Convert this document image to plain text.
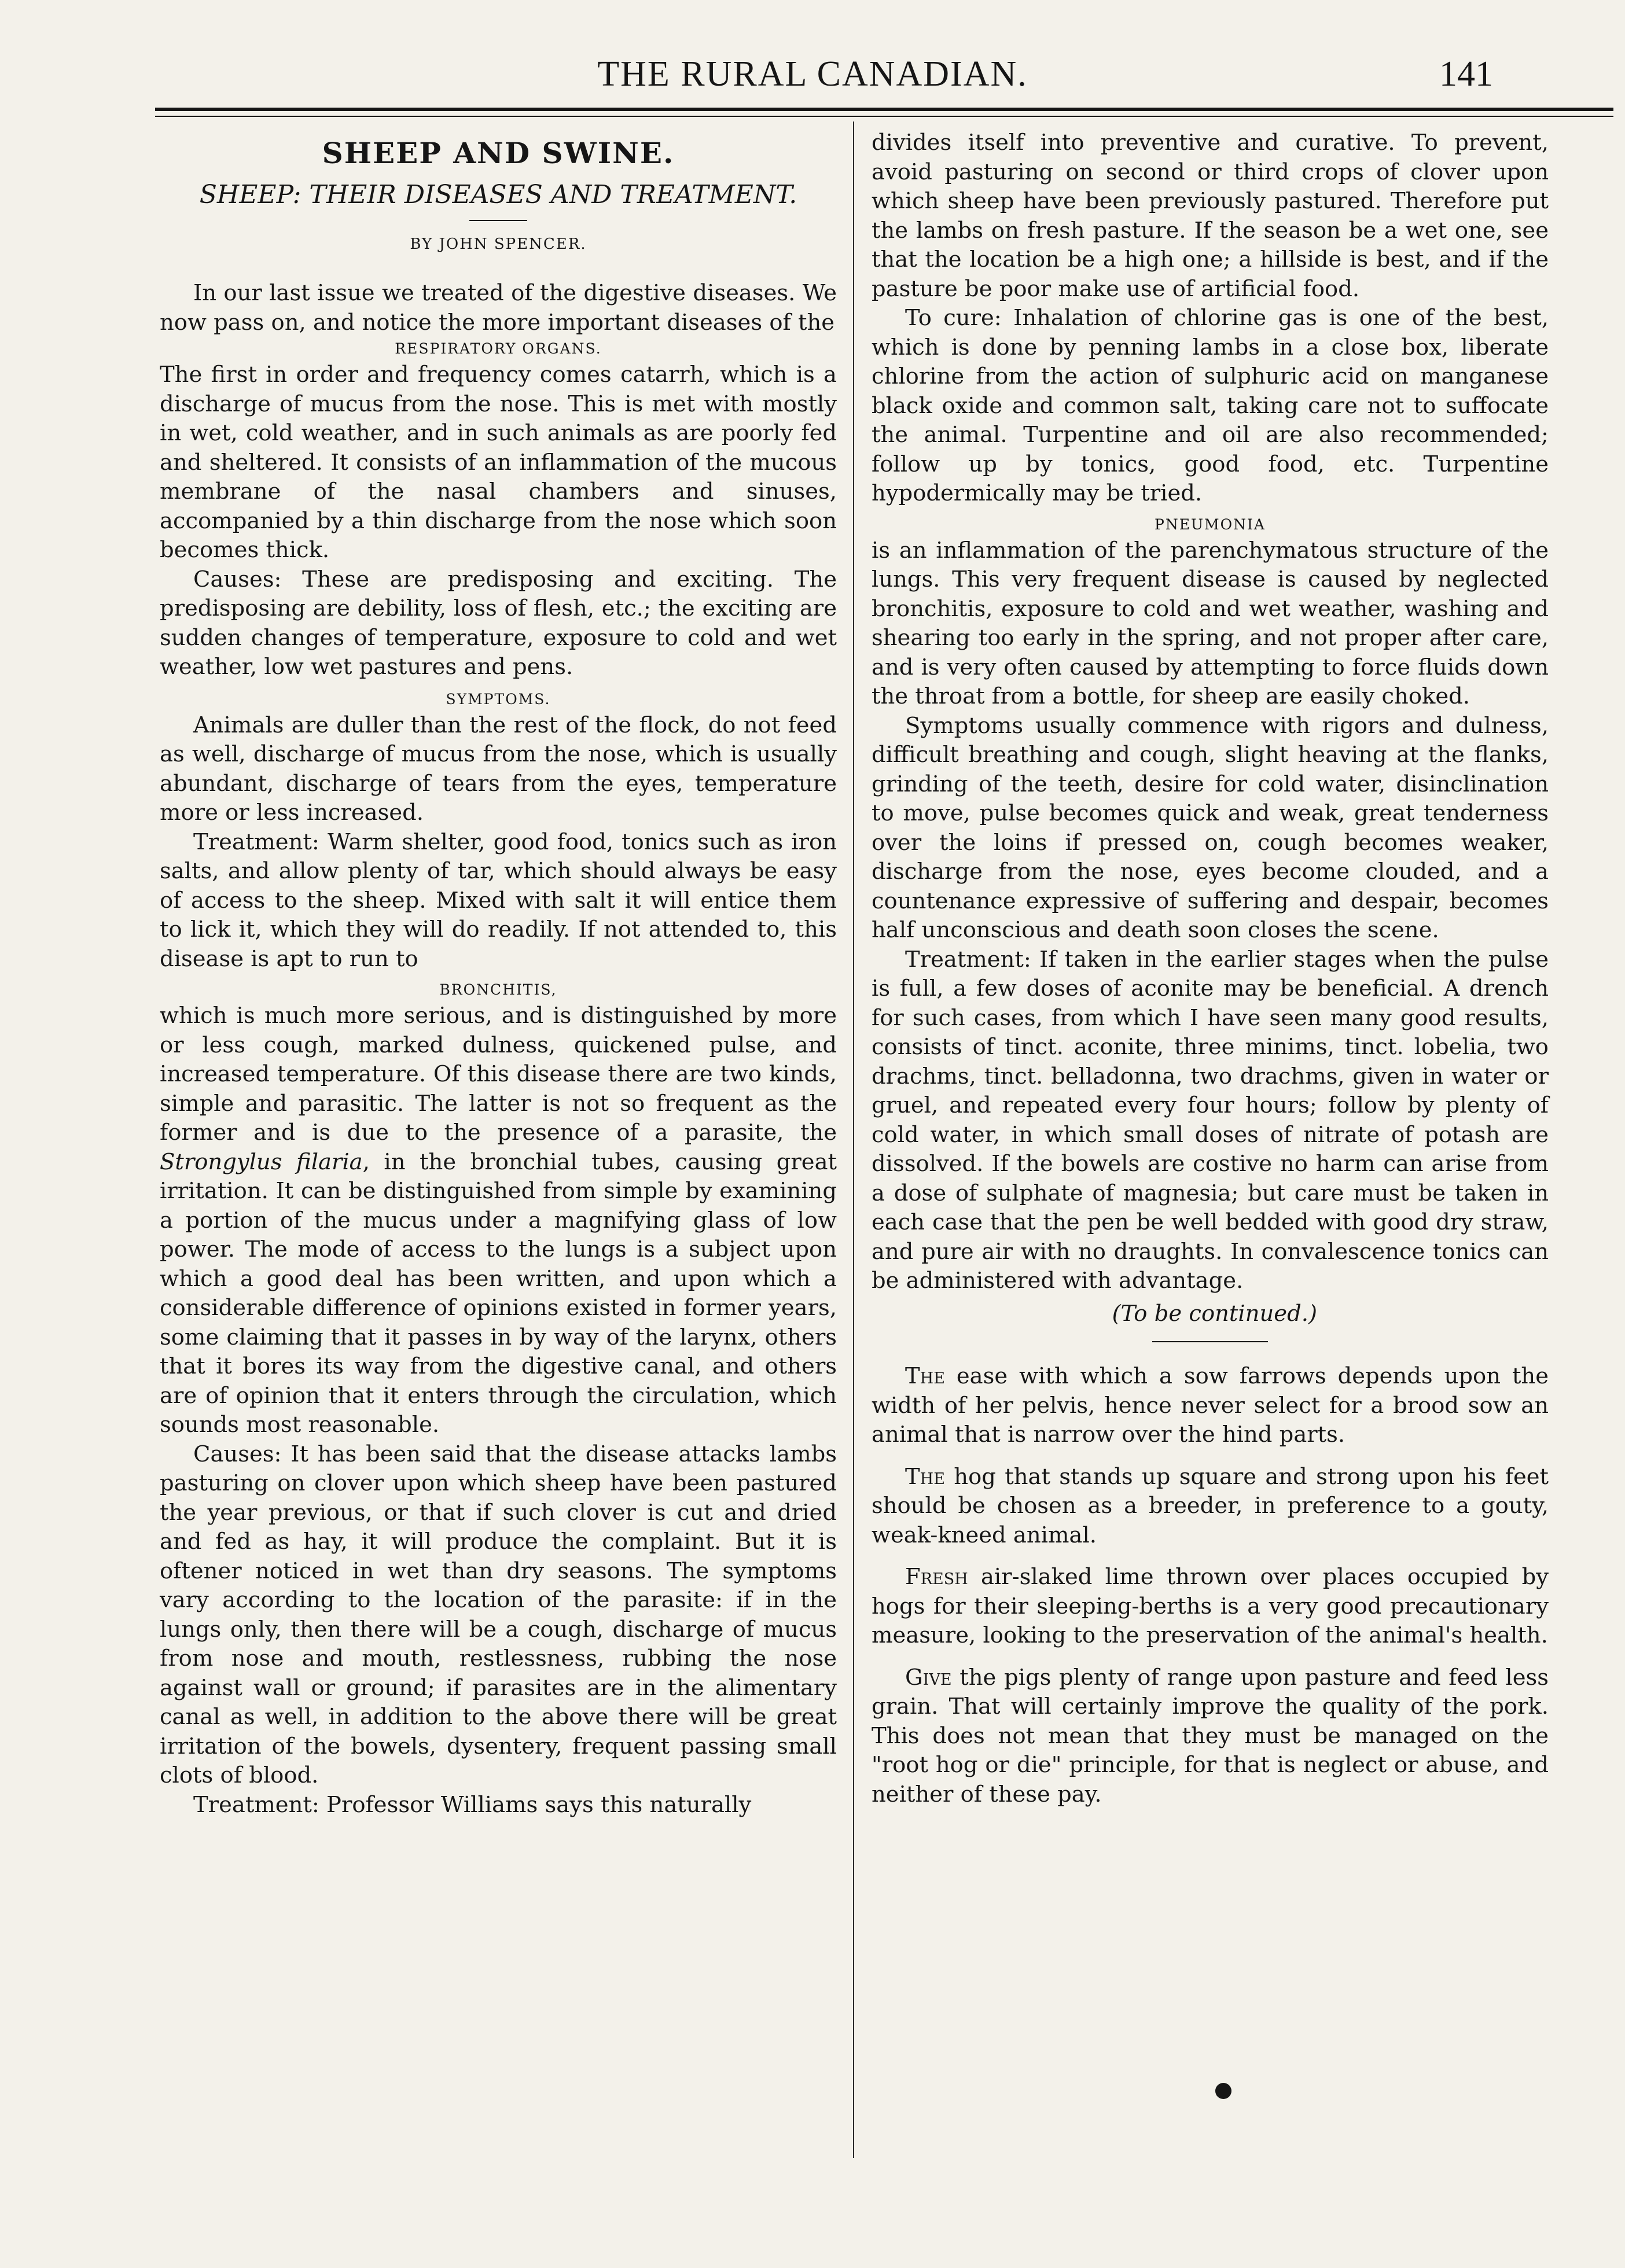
THE RURAL CANADIAN.	141
SHEEP AND SWINE.
SHEEP: THEIR DISEASES AND TREATMENT.
BY JOHN SPENCER.

In our last issue we treated of the digestive diseases. We now pass on, and notice the more important diseases of the

RESPIRATORY ORGANS.

The first in order and frequency comes catarrh, which is a discharge of mucus from the nose. This is met with mostly in wet, cold weather, and in such animals as are poorly fed and sheltered. It consists of an inflammation of the mucous membrane of the nasal chambers and sinuses, accompanied by a thin discharge from the nose which soon becomes thick.

Causes: These are predisposing and exciting. The predisposing are debility, loss of flesh, etc.; the exciting are sudden changes of temperature, exposure to cold and wet weather, low wet pastures and pens.

SYMPTOMS.

Animals are duller than the rest of the flock, do not feed as well, discharge of mucus from the nose, which is usually abundant, discharge of tears from the eyes, temperature more or less increased.

Treatment: Warm shelter, good food, tonics such as iron salts, and allow plenty of tar, which should always be easy of access to the sheep. Mixed with salt it will entice them to lick it, which they will do readily. If not attended to, this disease is apt to run to

BRONCHITIS,

which is much more serious, and is distinguished by more or less cough, marked dulness, quickened pulse, and increased temperature. Of this disease there are two kinds, simple and parasitic. The latter is not so frequent as the former and is due to the presence of a parasite, the Strongylus filaria, in the bronchial tubes, causing great irritation. It can be distinguished from simple by examining a portion of the mucus under a magnifying glass of low power. The mode of access to the lungs is a subject upon which a good deal has been written, and upon which a considerable difference of opinions existed in former years, some claiming that it passes in by way of the larynx, others that it bores its way from the digestive canal, and others are of opinion that it enters through the circulation, which sounds most reasonable.

Causes: It has been said that the disease attacks lambs pasturing on clover upon which sheep have been pastured the year previous, or that if such clover is cut and dried and fed as hay, it will produce the complaint. But it is oftener noticed in wet than dry seasons. The symptoms vary according to the location of the parasite: if in the lungs only, then there will be a cough, discharge of mucus from nose and mouth, restlessness, rubbing the nose against wall or ground; if parasites are in the alimentary canal as well, in addition to the above there will be great irritation of the bowels, dysentery, frequent passing small clots of blood.

Treatment: Professor Williams says this naturally

divides itself into preventive and curative. To prevent, avoid pasturing on second or third crops of clover upon which sheep have been previously pastured. Therefore put the lambs on fresh pasture. If the season be a wet one, see that the location be a high one; a hillside is best, and if the pasture be poor make use of artificial food.

To cure: Inhalation of chlorine gas is one of the best, which is done by penning lambs in a close box, liberate chlorine from the action of sulphuric acid on manganese black oxide and common salt, taking care not to suffocate the animal. Turpentine and oil are also recommended; follow up by tonics, good food, etc. Turpentine hypodermically may be tried.

PNEUMONIA

is an inflammation of the parenchymatous structure of the lungs. This very frequent disease is caused by neglected bronchitis, exposure to cold and wet weather, washing and shearing too early in the spring, and not proper after care, and is very often caused by attempting to force fluids down the throat from a bottle, for sheep are easily choked.

Symptoms usually commence with rigors and dulness, difficult breathing and cough, slight heaving at the flanks, grinding of the teeth, desire for cold water, disinclination to move, pulse becomes quick and weak, great tenderness over the loins if pressed on, cough becomes weaker, discharge from the nose, eyes become clouded, and a countenance expressive of suffering and despair, becomes half unconscious and death soon closes the scene.

Treatment: If taken in the earlier stages when the pulse is full, a few doses of aconite may be beneficial. A drench for such cases, from which I have seen many good results, consists of tinct. aconite, three minims, tinct. lobelia, two drachms, tinct. belladonna, two drachms, given in water or gruel, and repeated every four hours; follow by plenty of cold water, in which small doses of nitrate of potash are dissolved. If the bowels are costive no harm can arise from a dose of sulphate of magnesia; but care must be taken in each case that the pen be well bedded with good dry straw, and pure air with no draughts. In convalescence tonics can be administered with advantage.

(To be continued.)

The ease with which a sow farrows depends upon the width of her pelvis, hence never select for a brood sow an animal that is narrow over the hind parts.

The hog that stands up square and strong upon his feet should be chosen as a breeder, in preference to a gouty, weak-kneed animal.

Fresh air-slaked lime thrown over places occupied by hogs for their sleeping-berths is a very good precautionary measure, looking to the preservation of the animal's health.

Give the pigs plenty of range upon pasture and feed less grain. That will certainly improve the quality of the pork. This does not mean that they must be managed on the "root hog or die" principle, for that is neglect or abuse, and neither of these pay.
